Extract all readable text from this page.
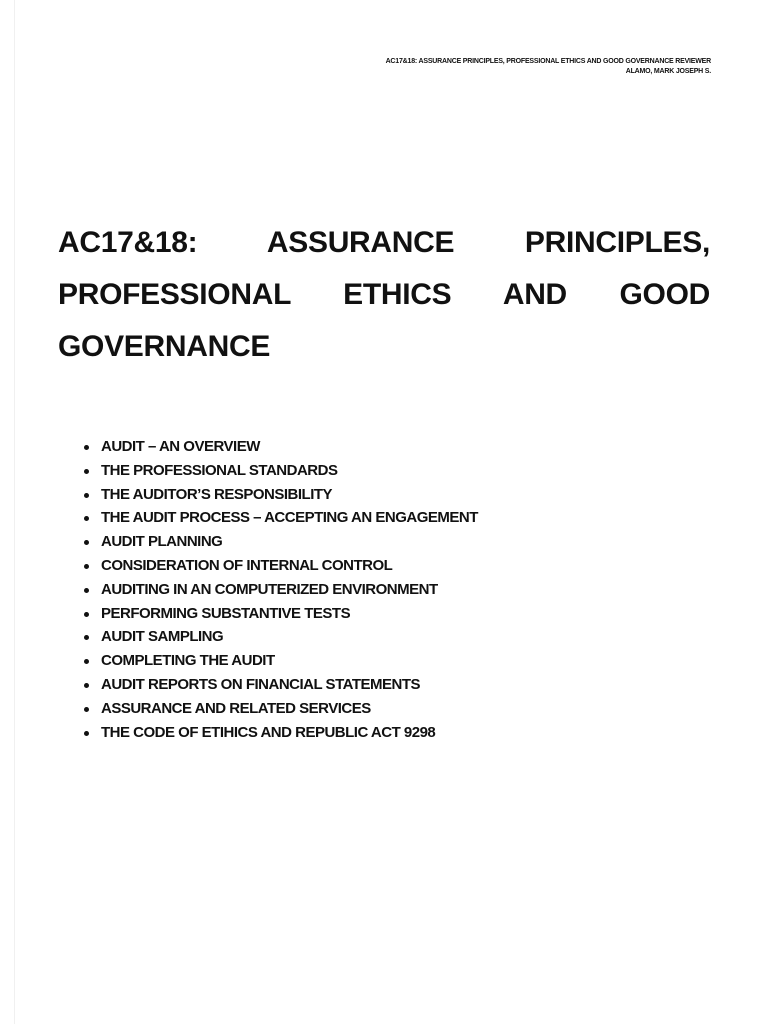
AC17&18: ASSURANCE PRINCIPLES, PROFESSIONAL ETHICS AND GOOD GOVERNANCE REVIEWER
ALAMO, MARK JOSEPH S.
AC17&18: ASSURANCE PRINCIPLES, PROFESSIONAL ETHICS AND GOOD GOVERNANCE
AUDIT – AN OVERVIEW
THE PROFESSIONAL STANDARDS
THE AUDITOR’S RESPONSIBILITY
THE AUDIT PROCESS – ACCEPTING AN ENGAGEMENT
AUDIT PLANNING
CONSIDERATION OF INTERNAL CONTROL
AUDITING IN AN COMPUTERIZED ENVIRONMENT
PERFORMING SUBSTANTIVE TESTS
AUDIT SAMPLING
COMPLETING THE AUDIT
AUDIT REPORTS ON FINANCIAL STATEMENTS
ASSURANCE AND RELATED SERVICES
THE CODE OF ETIHICS AND REPUBLIC ACT 9298
